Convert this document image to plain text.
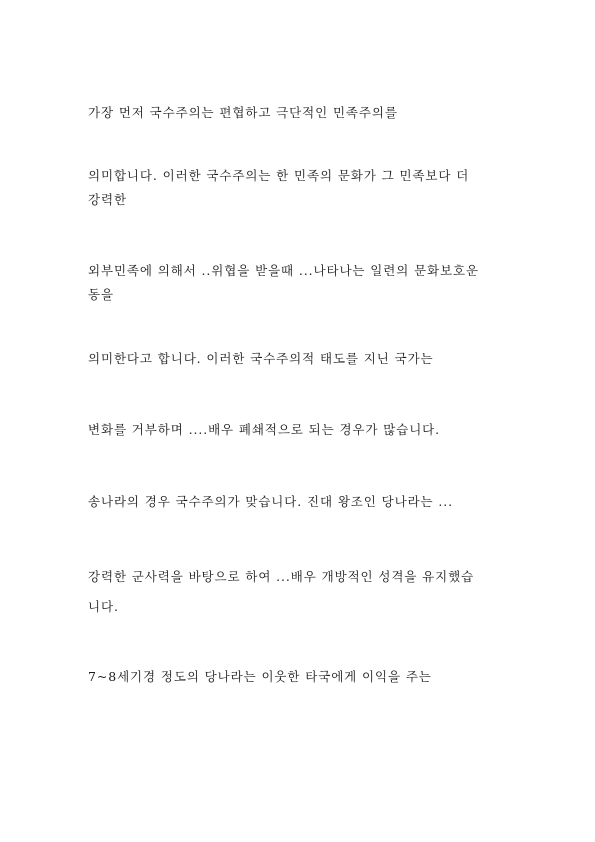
가장 먼저 국수주의는 편협하고 극단적인 민족주의를

의미합니다. 이러한 국수주의는 한 민족의 문화가 그 민족보다 더

강력한

외부민족에 의해서 ..위협을 받을때 ...나타나는 일련의 문화보호운

동을

의미한다고 합니다. 이러한 국수주의적 태도를 지닌 국가는

변화를 거부하며 ....배우 폐쇄적으로 되는 경우가 많습니다.

송나라의 경우 국수주의가 맞습니다. 진대 왕조인 당나라는 ...

강력한 군사력을 바탕으로 하여 ...배우 개방적인 성격을 유지했습

니다.

7~8세기경 정도의 당나라는 이웃한 타국에게 이익을 주는
